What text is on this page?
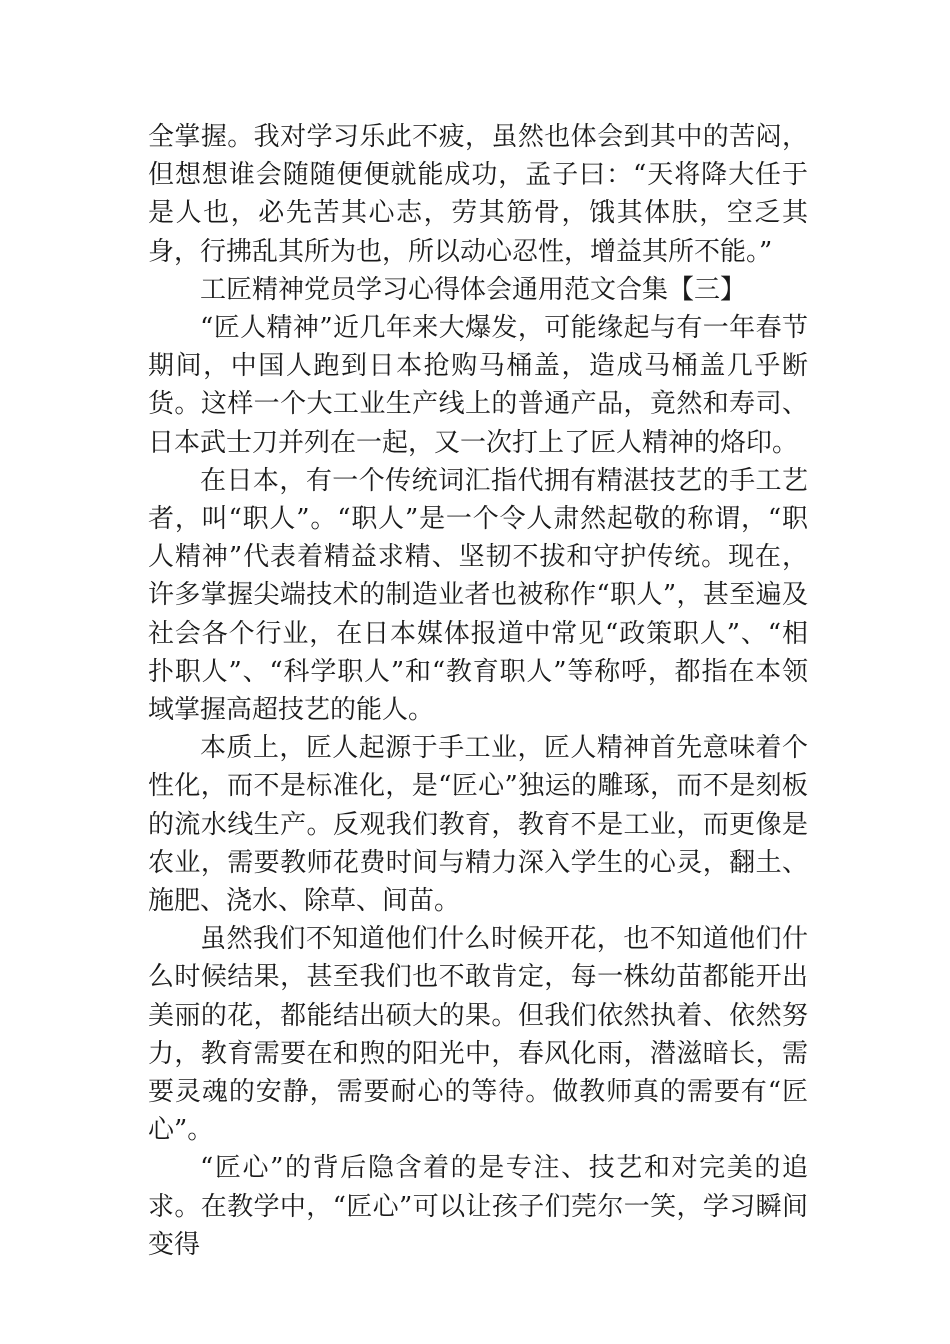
全掌握。我对学习乐此不疲，虽然也体会到其中的苦闷，但想想谁会随随便便就能成功，孟子曰：“天将降大任于是人也，必先苦其心志，劳其筋骨，饿其体肤，空乏其身，行拂乱其所为也，所以动心忍性，增益其所不能。”

工匠精神党员学习心得体会通用范文合集【三】

“匠人精神”近几年来大爆发，可能缘起与有一年春节期间，中国人跑到日本抢购马桶盖，造成马桶盖几乎断货。这样一个大工业生产线上的普通产品，竟然和寿司、日本武士刀并列在一起，又一次打上了匠人精神的烙印。

在日本，有一个传统词汇指代拥有精湛技艺的手工艺者，叫“职人”。“职人”是一个令人肃然起敬的称谓，“职人精神”代表着精益求精、坚韧不拔和守护传统。现在，许多掌握尖端技术的制造业者也被称作“职人”，甚至遍及社会各个行业，在日本媒体报道中常见“政策职人”、“相扑职人”、“科学职人”和“教育职人”等称呼，都指在本领域掌握高超技艺的能人。

本质上，匠人起源于手工业，匠人精神首先意味着个性化，而不是标准化，是“匠心”独运的雕琢，而不是刻板的流水线生产。反观我们教育，教育不是工业，而更像是农业，需要教师花费时间与精力深入学生的心灵，翻土、施肥、浇水、除草、间苗。

虽然我们不知道他们什么时候开花，也不知道他们什么时候结果，甚至我们也不敢肯定，每一株幼苗都能开出美丽的花，都能结出硕大的果。但我们依然执着、依然努力，教育需要在和煦的阳光中，春风化雨，潜滋暗长，需要灵魂的安静，需要耐心的等待。做教师真的需要有“匠心”。

“匠心”的背后隐含着的是专注、技艺和对完美的追求。在教学中，“匠心”可以让孩子们莞尔一笑，学习瞬间变得
